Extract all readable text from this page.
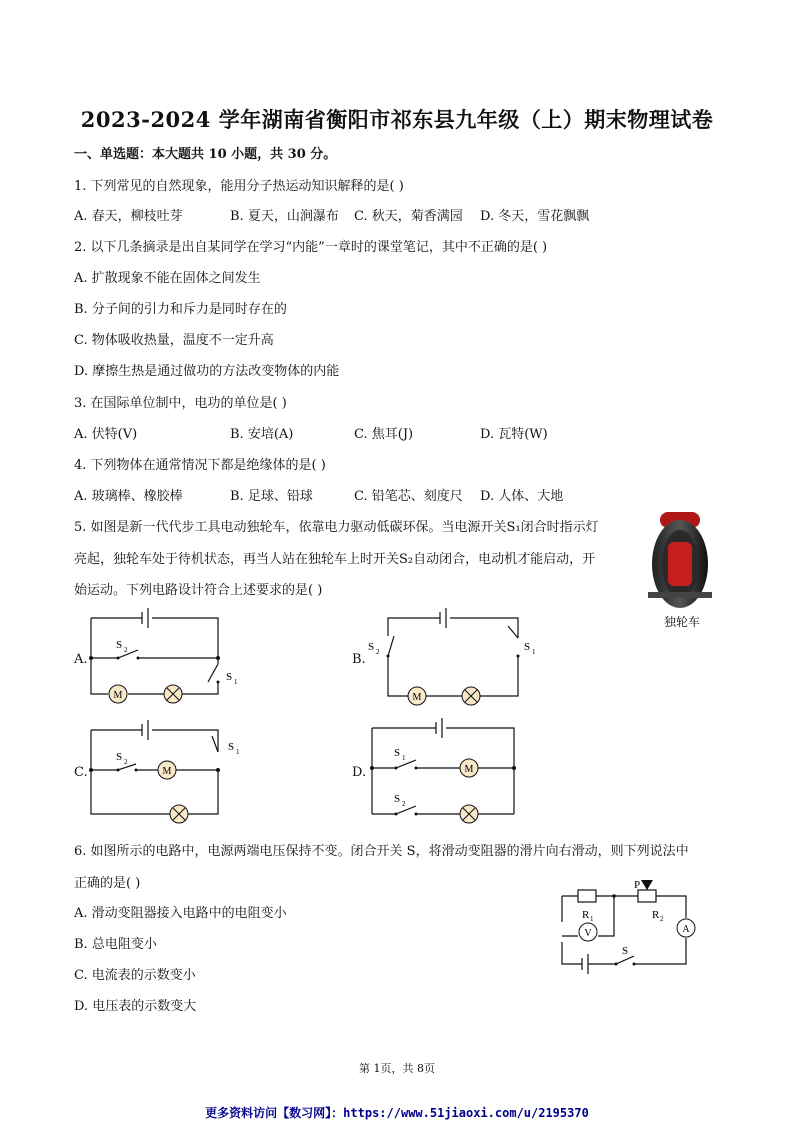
2023-2024 学年湖南省衡阳市祁东县九年级（上）期末物理试卷
一、单选题：本大题共 10 小题，共 30 分。
1. 下列常见的自然现象，能用分子热运动知识解释的是( )
A. 春天，柳枝吐芽	B. 夏天，山涧瀑布 C. 秋天，菊香满园 D. 冬天，雪花飘飘
2. 以下几条摘录是出自某同学在学习“内能”一章时的课堂笔记，其中不正确的是( )
A. 扩散现象不能在固体之间发生
B. 分子间的引力和斥力是同时存在的
C. 物体吸收热量，温度不一定升高
D. 摩擦生热是通过做功的方法改变物体的内能
3. 在国际单位制中，电功的单位是( )
A. 伏特(V)	B. 安培(A)	C. 焦耳(J)	D. 瓦特(W)
4. 下列物体在通常情况下都是绝缘体的是( )
A. 玻璃棒、橡胶棒	B. 足球、铅球	C. 铅笔芯、刻度尺 D. 人体、大地
5. 如图是新一代代步工具电动独轮车，依靠电力驱动低碳环保。当电源开关S₁闭合时指示灯
亮起，独轮车处于待机状态，再当人站在独轮车上时开关S₂自动闭合，电动机才能启动，开
始运动。下列电路设计符合上述要求的是( )
独轮车
A.
M
S 2
S 1
B.
M
S 2	S 1
C.	M
S 2
S 1
D.	M
S 1
S 2
6. 如图所示的电路中，电源两端电压保持不变。闭合开关 S，将滑动变阻器的滑片向右滑动，则下列说法中
正确的是( )
A. 滑动变阻器接入电路中的电阻变小
B. 总电阻变小
C. 电流表的示数变小
D. 电压表的示数变大
V	A
R 1	R 2
P
S
第 1页，共 8页
更多资料访问【数习网】：https://www.51jiaoxi.com/u/2195370
